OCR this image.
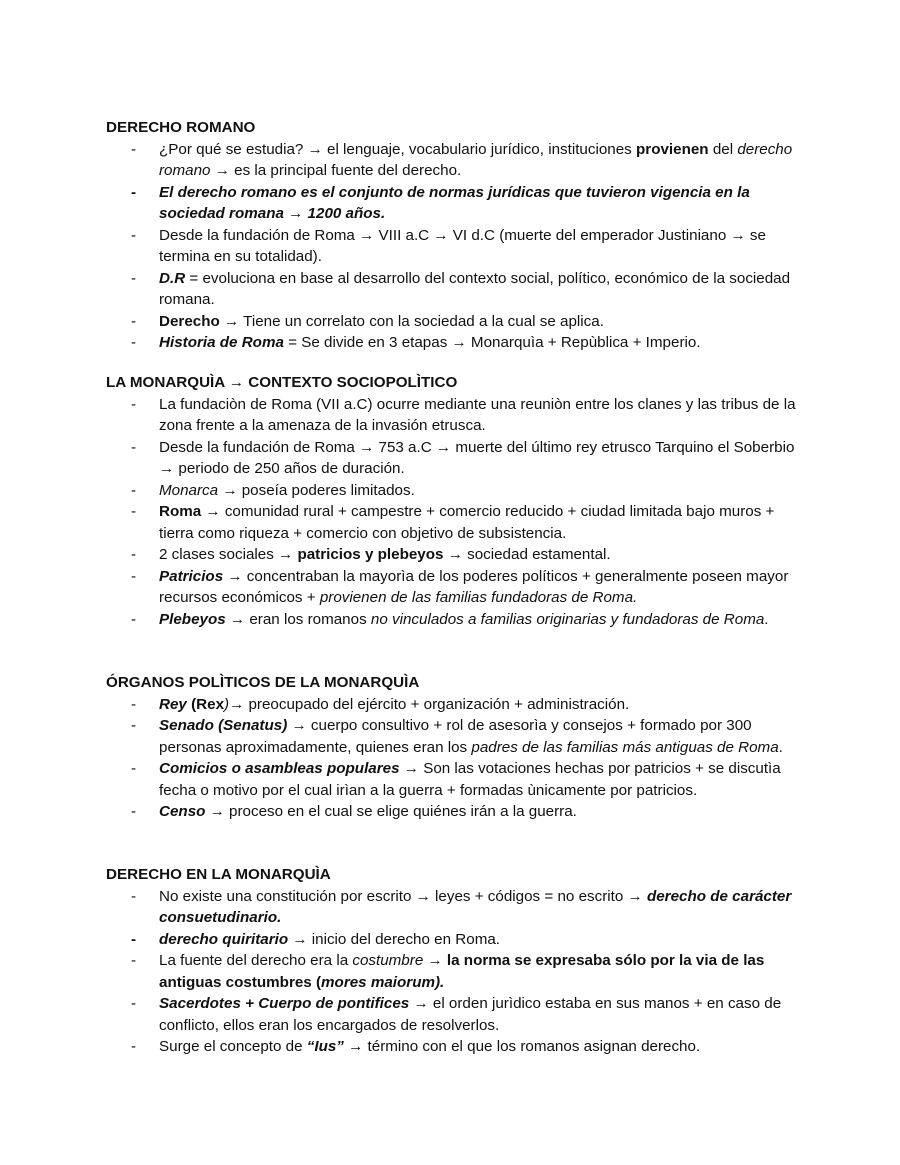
DERECHO ROMANO
- ¿Por qué se estudia? → el lenguaje, vocabulario jurídico, instituciones provienen del derecho romano → es la principal fuente del derecho.
- El derecho romano es el conjunto de normas jurídicas que tuvieron vigencia en la sociedad romana → 1200 años.
- Desde la fundación de Roma → VIII a.C → VI d.C (muerte del emperador Justiniano → se termina en su totalidad).
- D.R = evoluciona en base al desarrollo del contexto social, político, económico de la sociedad romana.
- Derecho → Tiene un correlato con la sociedad a la cual se aplica.
- Historia de Roma = Se divide en 3 etapas → Monarquìa + Repùblica + Imperio.
LA MONARQUÌA → CONTEXTO SOCIOPOLÌTICO
- La fundaciòn de Roma (VII a.C) ocurre mediante una reuniòn entre los clanes y las tribus de la zona frente a la amenaza de la invasión etrusca.
- Desde la fundación de Roma → 753 a.C → muerte del último rey etrusco Tarquino el Soberbio → periodo de 250 años de duración.
- Monarca → poseía poderes limitados.
- Roma → comunidad rural + campestre + comercio reducido + ciudad limitada bajo muros + tierra como riqueza + comercio con objetivo de subsistencia.
- 2 clases sociales → patricios y plebeyos → sociedad estamental.
- Patricios → concentraban la mayorìa de los poderes políticos + generalmente poseen mayor recursos económicos + provienen de las familias fundadoras de Roma.
- Plebeyos → eran los romanos no vinculados a familias originarias y fundadoras de Roma.
ÓRGANOS POLÌTICOS DE LA MONARQUÌA
- Rey (Rex)→ preocupado del ejército + organización + administración.
- Senado (Senatus) → cuerpo consultivo + rol de asesorìa y consejos + formado por 300 personas aproximadamente, quienes eran los padres de las familias más antiguas de Roma.
- Comicios o asambleas populares → Son las votaciones hechas por patricios + se discutìa fecha o motivo por el cual irìan a la guerra + formadas ùnicamente por patricios.
- Censo → proceso en el cual se elige quiénes irán a la guerra.
DERECHO EN LA MONARQUÌA
- No existe una constitución por escrito → leyes + códigos = no escrito → derecho de carácter consuetudinario.
- derecho quiritario → inicio del derecho en Roma.
- La fuente del derecho era la costumbre → la norma se expresaba sólo por la via de las antiguas costumbres (mores maiorum).
- Sacerdotes + Cuerpo de pontifices → el orden jurìdico estaba en sus manos + en caso de conflicto, ellos eran los encargados de resolverlos.
- Surge el concepto de “Ius” → término con el que los romanos asignan derecho.
